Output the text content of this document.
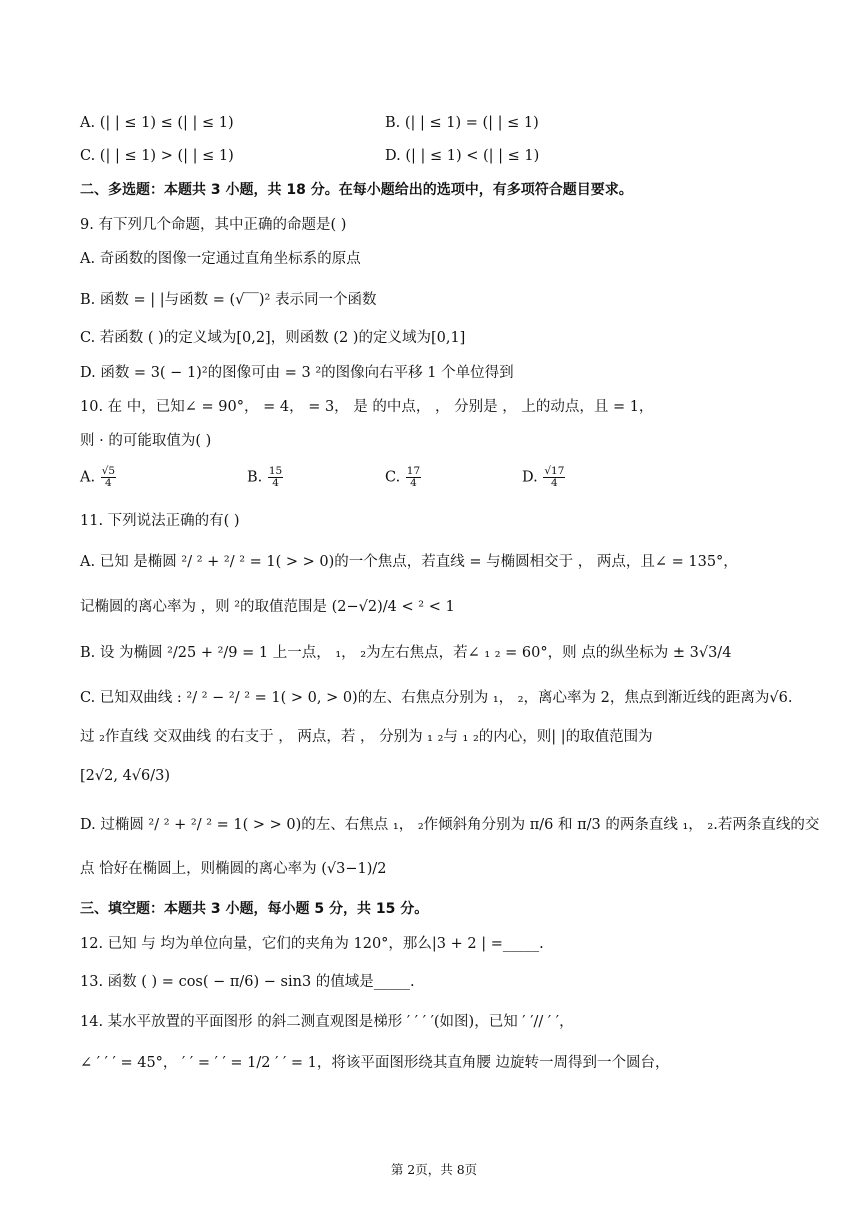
A. (| | ≤ 1) ≤ (| | ≤ 1)	B. (| | ≤ 1) = (| | ≤ 1)
C. (| | ≤ 1) > (| | ≤ 1)	D. (| | ≤ 1) < (| | ≤ 1)
二、多选题：本题共 3 小题，共 18 分。在每小题给出的选项中，有多项符合题目要求。
9. 有下列几个命题，其中正确的命题是( )
A. 奇函数的图像一定通过直角坐标系的原点
B. 函数 = | |与函数 = (√‾‾)² 表示同一个函数
C. 若函数 ( )的定义域为[0,2]，则函数 (2 )的定义域为[0,1]
D. 函数 = 3( − 1)²的图像可由 = 3 ²的图像向右平移 1 个单位得到
10. 在 中，已知∠ = 90°， = 4， = 3， 是 的中点， ， 分别是 ， 上的动点，且 = 1，
则 · 的可能取值为( )
A. $\frac{√5}{4}$	B. $\frac{15}{4}$	C. $\frac{17}{4}$	D. $\frac{√17}{4}$
11. 下列说法正确的有( )
A. 已知 是椭圆 ²/ ² + ²/ ² = 1( > > 0)的一个焦点，若直线 = 与椭圆相交于 ， 两点，且∠ = 135°，
记椭圆的离心率为 ，则 ²的取值范围是 (2−√2)/4 < ² < 1
B. 设 为椭圆 ²/25 + ²/9 = 1 上一点， ₁， ₂为左右焦点，若∠ ₁ ₂ = 60°，则 点的纵坐标为 ± 3√3/4
C. 已知双曲线 : ²/ ² − ²/ ² = 1( > 0, > 0)的左、右焦点分别为 ₁， ₂，离心率为 2，焦点到渐近线的距离为√6.
过 ₂作直线 交双曲线 的右支于 ， 两点，若 ， 分别为 ₁ ₂与 ₁ ₂的内心，则| |的取值范围为
[2√2, 4√6/3)
D. 过椭圆 ²/ ² + ²/ ² = 1( > > 0)的左、右焦点 ₁， ₂作倾斜角分别为 π/6 和 π/3 的两条直线 ₁， ₂.若两条直线的交
点 恰好在椭圆上，则椭圆的离心率为 (√3−1)/2
三、填空题：本题共 3 小题，每小题 5 分，共 15 分。
12. 已知 与 均为单位向量，它们的夹角为 120°，那么|3 + 2 | =_____.
13. 函数 ( ) = cos( − π/6) − sin3 的值域是_____.
14. 某水平放置的平面图形 的斜二测直观图是梯形 ′ ′ ′ ′(如图)，已知 ′ ′// ′ ′，
∠ ′ ′ ′ = 45°， ′ ′ = ′ ′ = 1/2 ′ ′ = 1，将该平面图形绕其直角腰 边旋转一周得到一个圆台，
第 2页，共 8页
